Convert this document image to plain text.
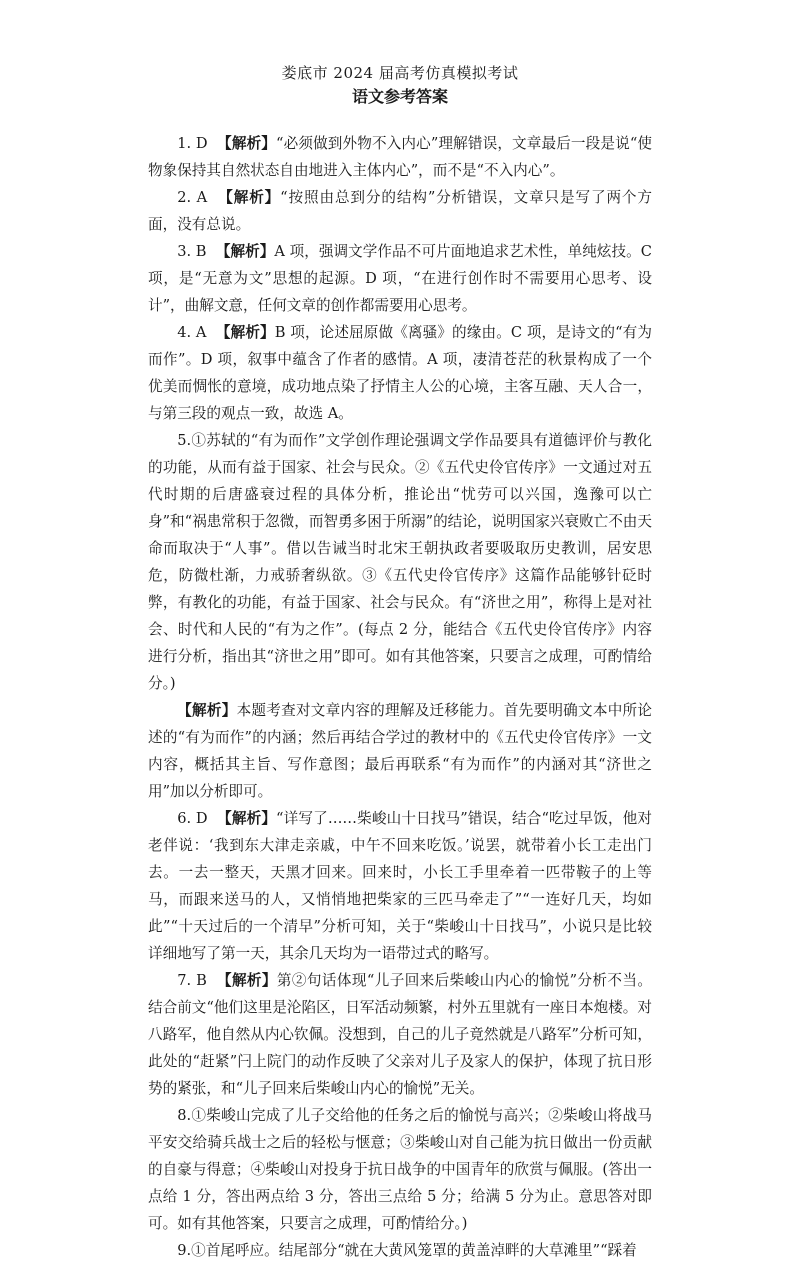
娄底市 2024 届高考仿真模拟考试

语文参考答案

1. D 【解析】“必须做到外物不入内心”理解错误，文章最后一段是说“使物象保持其自然状态自由地进入主体内心”，而不是“不入内心”。

2. A 【解析】“按照由总到分的结构”分析错误，文章只是写了两个方面，没有总说。

3. B 【解析】A 项，强调文学作品不可片面地追求艺术性，单纯炫技。C 项，是“无意为文”思想的起源。D 项，“在进行创作时不需要用心思考、设计”，曲解文意，任何文章的创作都需要用心思考。

4. A 【解析】B 项，论述屈原做《离骚》的缘由。C 项，是诗文的“有为而作”。D 项，叙事中蕴含了作者的感情。A 项，凄清苍茫的秋景构成了一个优美而惆怅的意境，成功地点染了抒情主人公的心境，主客互融、天人合一，与第三段的观点一致，故选 A。

5.①苏轼的“有为而作”文学创作理论强调文学作品要具有道德评价与教化的功能，从而有益于国家、社会与民众。②《五代史伶官传序》一文通过对五代时期的后唐盛衰过程的具体分析，推论出“忧劳可以兴国，逸豫可以亡身”和“祸患常积于忽微，而智勇多困于所溺”的结论，说明国家兴衰败亡不由天命而取决于“人事”。借以告诫当时北宋王朝执政者要吸取历史教训，居安思危，防微杜渐，力戒骄奢纵欲。③《五代史伶官传序》这篇作品能够针砭时弊，有教化的功能，有益于国家、社会与民众。有“济世之用”，称得上是对社会、时代和人民的“有为之作”。(每点 2 分，能结合《五代史伶官传序》内容进行分析，指出其“济世之用”即可。如有其他答案，只要言之成理，可酌情给分。)

【解析】本题考查对文章内容的理解及迁移能力。首先要明确文本中所论述的“有为而作”的内涵；然后再结合学过的教材中的《五代史伶官传序》一文内容，概括其主旨、写作意图；最后再联系“有为而作”的内涵对其“济世之用”加以分析即可。

6. D 【解析】“详写了……柴峻山十日找马”错误，结合“吃过早饭，他对老伴说：‘我到东大津走亲戚，中午不回来吃饭。’说罢，就带着小长工走出门去。一去一整天，天黑才回来。回来时，小长工手里牵着一匹带鞍子的上等马，而跟来送马的人，又悄悄地把柴家的三匹马牵走了”“一连好几天，均如此”“十天过后的一个清早”分析可知，关于“柴峻山十日找马”，小说只是比较详细地写了第一天，其余几天均为一语带过式的略写。

7. B 【解析】第②句话体现“儿子回来后柴峻山内心的愉悦”分析不当。结合前文“他们这里是沦陷区，日军活动频繁，村外五里就有一座日本炮楼。对八路军，他自然从内心钦佩。没想到，自己的儿子竟然就是八路军”分析可知，此处的“赶紧”闩上院门的动作反映了父亲对儿子及家人的保护，体现了抗日形势的紧张，和“儿子回来后柴峻山内心的愉悦”无关。

8.①柴峻山完成了儿子交给他的任务之后的愉悦与高兴；②柴峻山将战马平安交给骑兵战士之后的轻松与惬意；③柴峻山对自己能为抗日做出一份贡献的自豪与得意；④柴峻山对投身于抗日战争的中国青年的欣赏与佩服。(答出一点给 1 分，答出两点给 3 分，答出三点给 5 分；给满 5 分为止。意思答对即可。如有其他答案，只要言之成理，可酌情给分。)

9.①首尾呼应。结尾部分“就在大黄风笼罩的黄盖淖畔的大草滩里”“踩着
